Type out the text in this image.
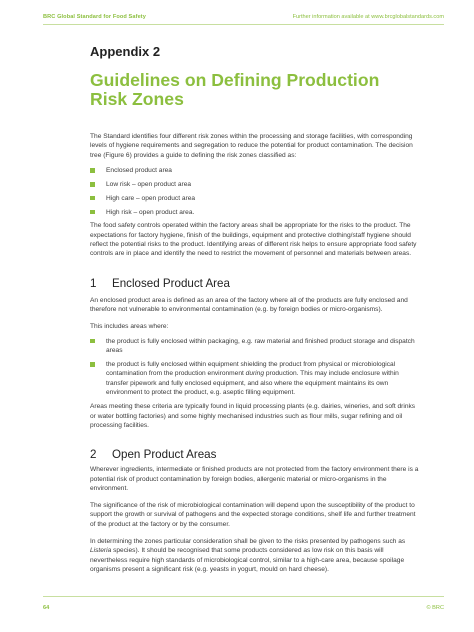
BRC Global Standard for Food Safety	Further information available at www.brcglobalstandards.com
Appendix 2
Guidelines on Defining Production
Risk Zones

The Standard identifies four different risk zones within the processing and storage facilities, with corresponding levels of hygiene requirements and segregation to reduce the potential for product contamination. The decision tree (Figure 6) provides a guide to defining the risk zones classified as:

Enclosed product area
Low risk – open product area
High care – open product area
High risk – open product area.

The food safety controls operated within the factory areas shall be appropriate for the risks to the product. The expectations for factory hygiene, finish of the buildings, equipment and protective clothing/staff hygiene should reflect the potential risks to the product. Identifying areas of different risk helps to ensure appropriate food safety controls are in place and identify the need to restrict the movement of personnel and materials between areas.

1	Enclosed Product Area

An enclosed product area is defined as an area of the factory where all of the products are fully enclosed and therefore not vulnerable to environmental contamination (e.g. by foreign bodies or micro-organisms).

This includes areas where:

the product is fully enclosed within packaging, e.g. raw material and finished product storage and dispatch areas
the product is fully enclosed within equipment shielding the product from physical or microbiological contamination from the production environment during production. This may include enclosure within transfer pipework and fully enclosed equipment, and also where the equipment maintains its own environment to protect the product, e.g. aseptic filling equipment.

Areas meeting these criteria are typically found in liquid processing plants (e.g. dairies, wineries, and soft drinks or water bottling factories) and some highly mechanised industries such as flour mills, sugar refining and oil processing facilities.

2	Open Product Areas

Wherever ingredients, intermediate or finished products are not protected from the factory environment there is a potential risk of product contamination by foreign bodies, allergenic material or micro-organisms in the environment.

The significance of the risk of microbiological contamination will depend upon the susceptibility of the product to support the growth or survival of pathogens and the expected storage conditions, shelf life and further treatment of the product at the factory or by the consumer.

In determining the zones particular consideration shall be given to the risks presented by pathogens such as Listeria species). It should be recognised that some products considered as low risk on this basis will nevertheless require high standards of microbiological control, similar to a high-care area, because spoilage organisms present a significant risk (e.g. yeasts in yogurt, mould on hard cheese).

64	© BRC
